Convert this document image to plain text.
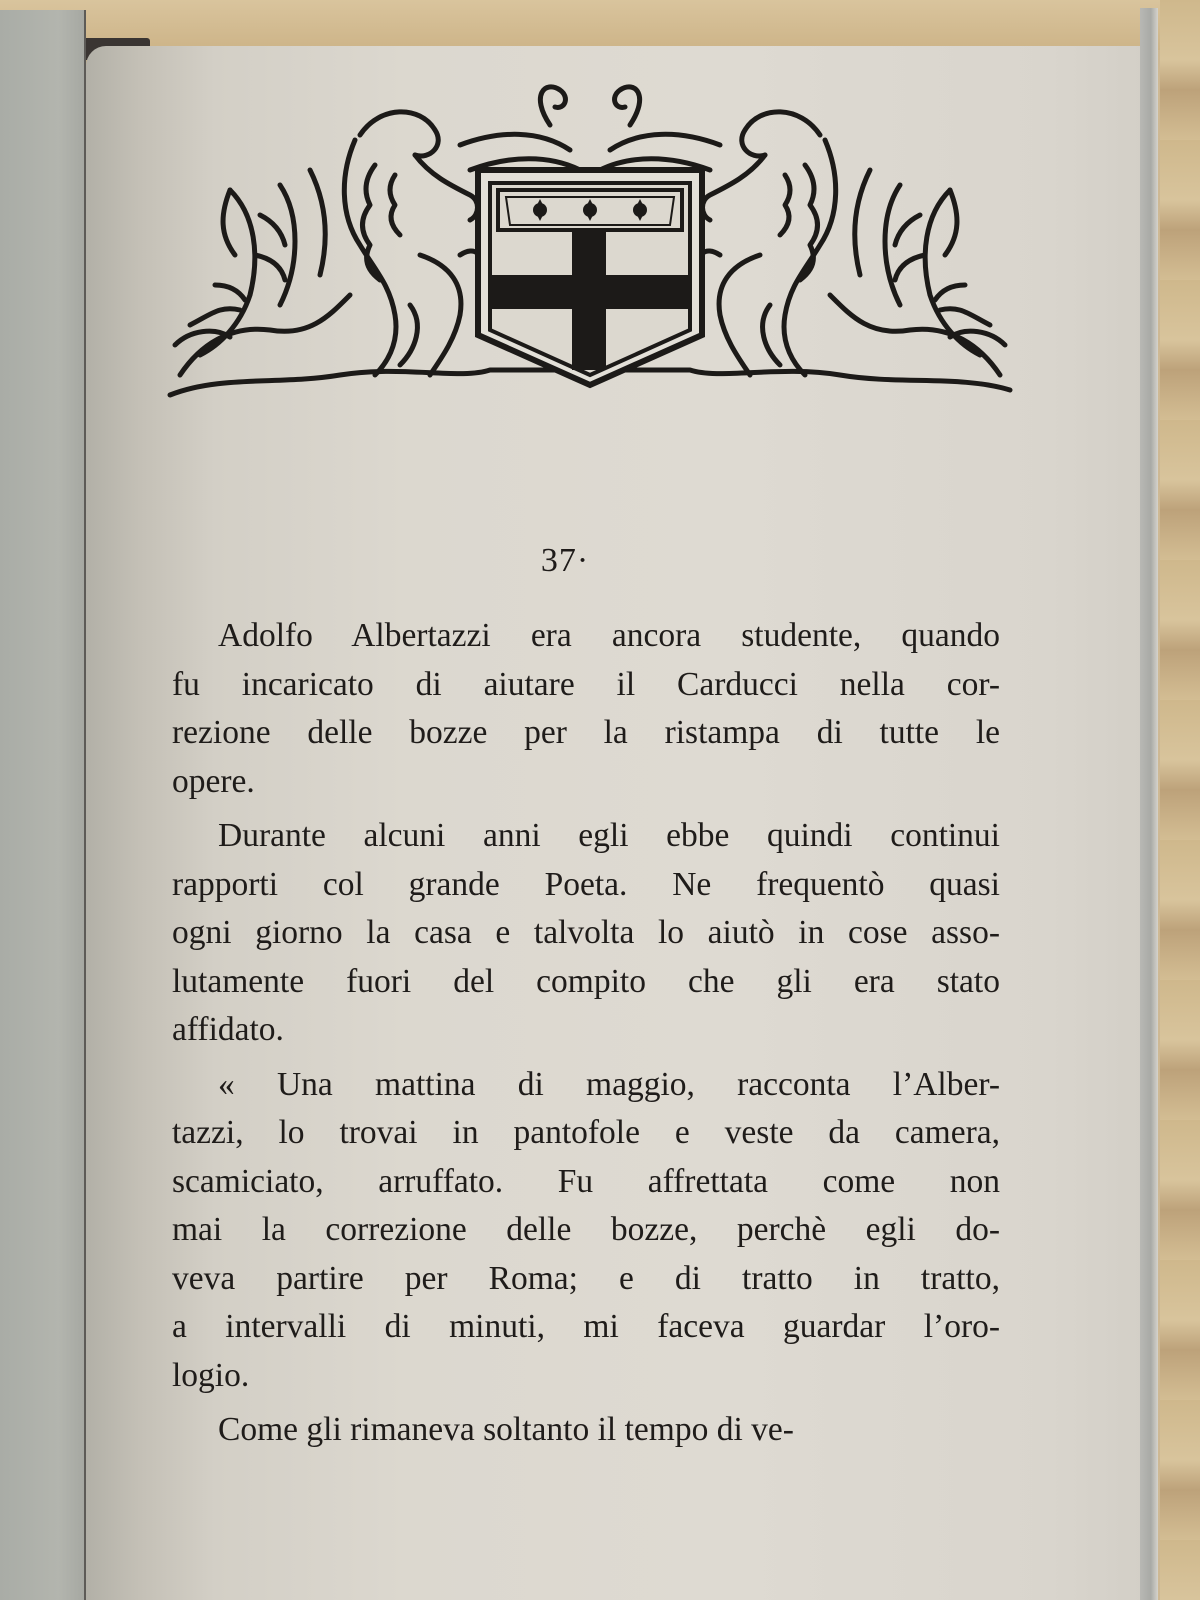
37·
Adolfo Albertazzi era ancora studente, quando
fu incaricato di aiutare il Carducci nella cor-
rezione delle bozze per la ristampa di tutte le
opere.
Durante alcuni anni egli ebbe quindi continui
rapporti col grande Poeta. Ne frequentò quasi
ogni giorno la casa e talvolta lo aiutò in cose asso-
lutamente fuori del compito che gli era stato
affidato.
« Una mattina di maggio, racconta l’Alber-
tazzi, lo trovai in pantofole e veste da camera,
scamiciato, arruffato. Fu affrettata come non
mai la correzione delle bozze, perchè egli do-
veva partire per Roma; e di tratto in tratto,
a intervalli di minuti, mi faceva guardar l’oro-
logio.
Come gli rimaneva soltanto il tempo di ve-
